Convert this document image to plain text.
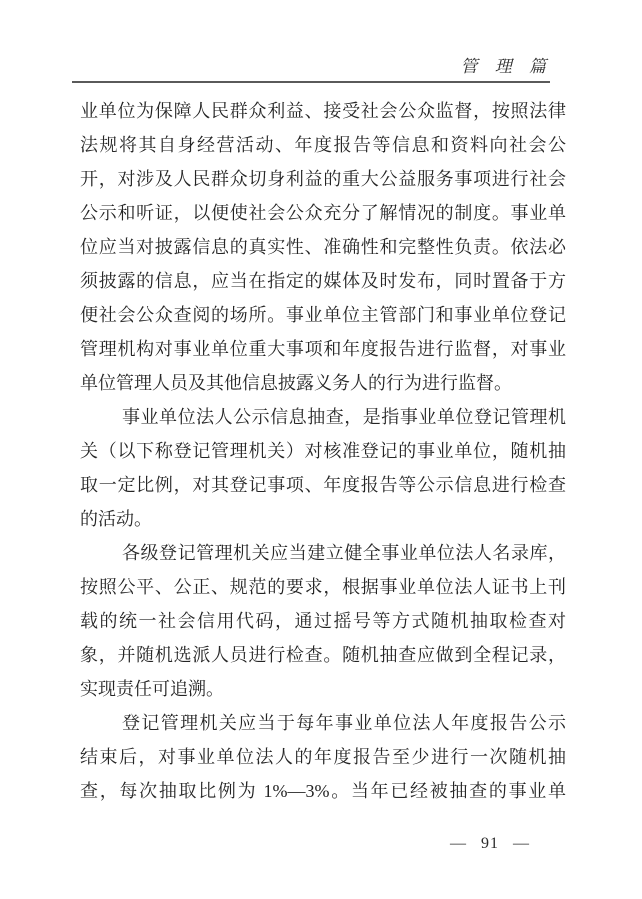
管 理 篇
业单位为保障人民群众利益、接受社会公众监督，按照法律
法规将其自身经营活动、年度报告等信息和资料向社会公
开，对涉及人民群众切身利益的重大公益服务事项进行社会
公示和听证，以便使社会公众充分了解情况的制度。事业单
位应当对披露信息的真实性、准确性和完整性负责。依法必
须披露的信息，应当在指定的媒体及时发布，同时置备于方
便社会公众查阅的场所。事业单位主管部门和事业单位登记
管理机构对事业单位重大事项和年度报告进行监督，对事业
单位管理人员及其他信息披露义务人的行为进行监督。
事业单位法人公示信息抽查，是指事业单位登记管理机
关（以下称登记管理机关）对核准登记的事业单位，随机抽
取一定比例，对其登记事项、年度报告等公示信息进行检查
的活动。
各级登记管理机关应当建立健全事业单位法人名录库，
按照公平、公正、规范的要求，根据事业单位法人证书上刊
载的统一社会信用代码，通过摇号等方式随机抽取检查对
象，并随机选派人员进行检查。随机抽查应做到全程记录，
实现责任可追溯。
登记管理机关应当于每年事业单位法人年度报告公示
结束后，对事业单位法人的年度报告至少进行一次随机抽
查，每次抽取比例为 1%—3%。当年已经被抽查的事业单
— 91 —
